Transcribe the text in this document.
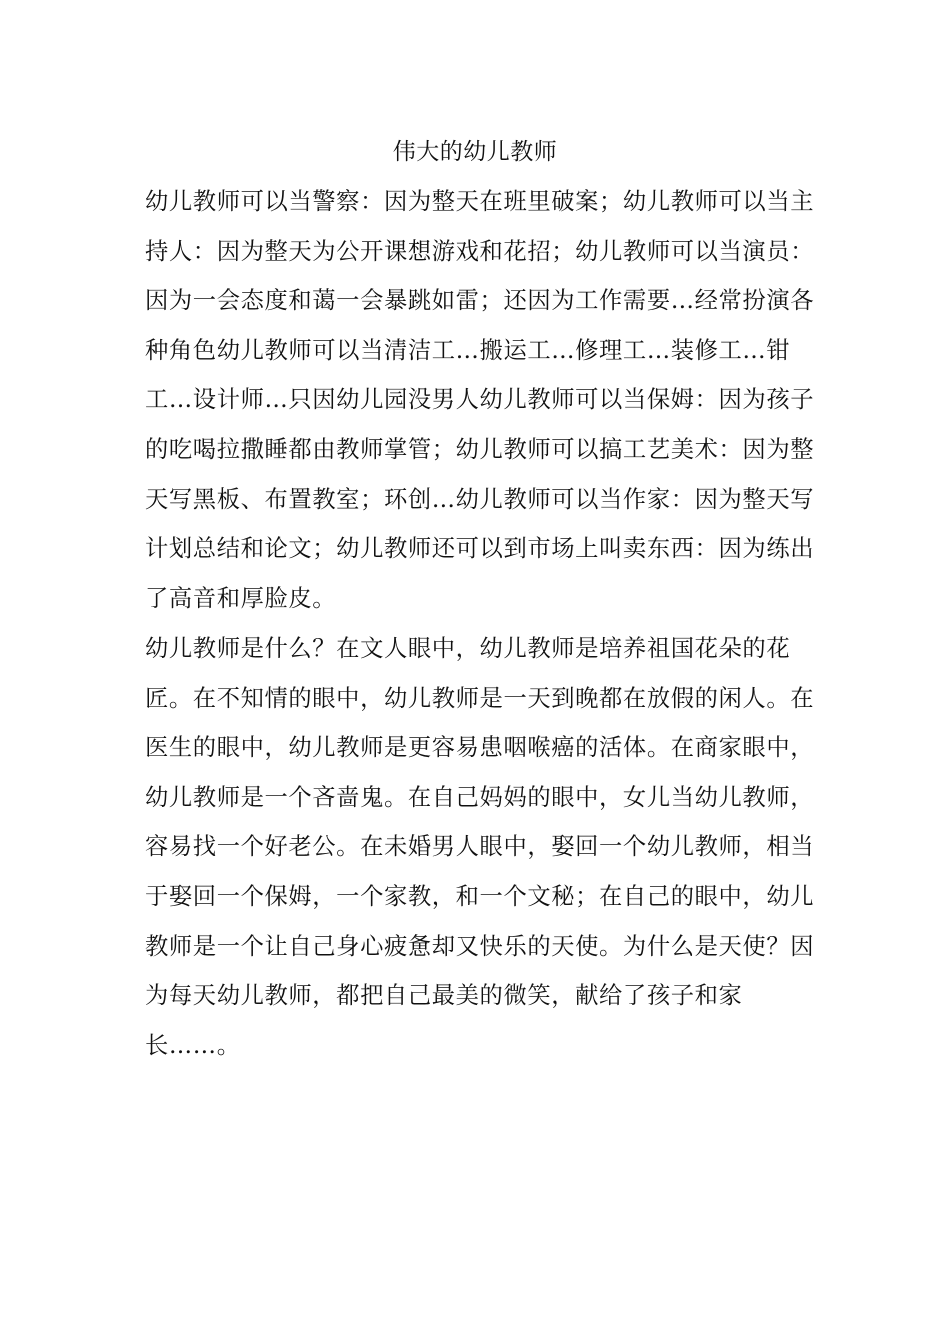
伟大的幼儿教师

幼儿教师可以当警察：因为整天在班里破案；幼儿教师可以当主持人：因为整天为公开课想游戏和花招；幼儿教师可以当演员：因为一会态度和蔼一会暴跳如雷；还因为工作需要…经常扮演各种角色幼儿教师可以当清洁工…搬运工…修理工…装修工…钳工…设计师…只因幼儿园没男人幼儿教师可以当保姆：因为孩子的吃喝拉撒睡都由教师掌管；幼儿教师可以搞工艺美术：因为整天写黑板、布置教室；环创…幼儿教师可以当作家：因为整天写计划总结和论文；幼儿教师还可以到市场上叫卖东西：因为练出了高音和厚脸皮。

幼儿教师是什么？在文人眼中，幼儿教师是培养祖国花朵的花匠。在不知情的眼中，幼儿教师是一天到晚都在放假的闲人。在医生的眼中，幼儿教师是更容易患咽喉癌的活体。在商家眼中，幼儿教师是一个吝啬鬼。在自己妈妈的眼中，女儿当幼儿教师，容易找一个好老公。在未婚男人眼中，娶回一个幼儿教师，相当于娶回一个保姆，一个家教，和一个文秘；在自己的眼中，幼儿教师是一个让自己身心疲惫却又快乐的天使。为什么是天使？因为每天幼儿教师，都把自己最美的微笑，献给了孩子和家长……。
